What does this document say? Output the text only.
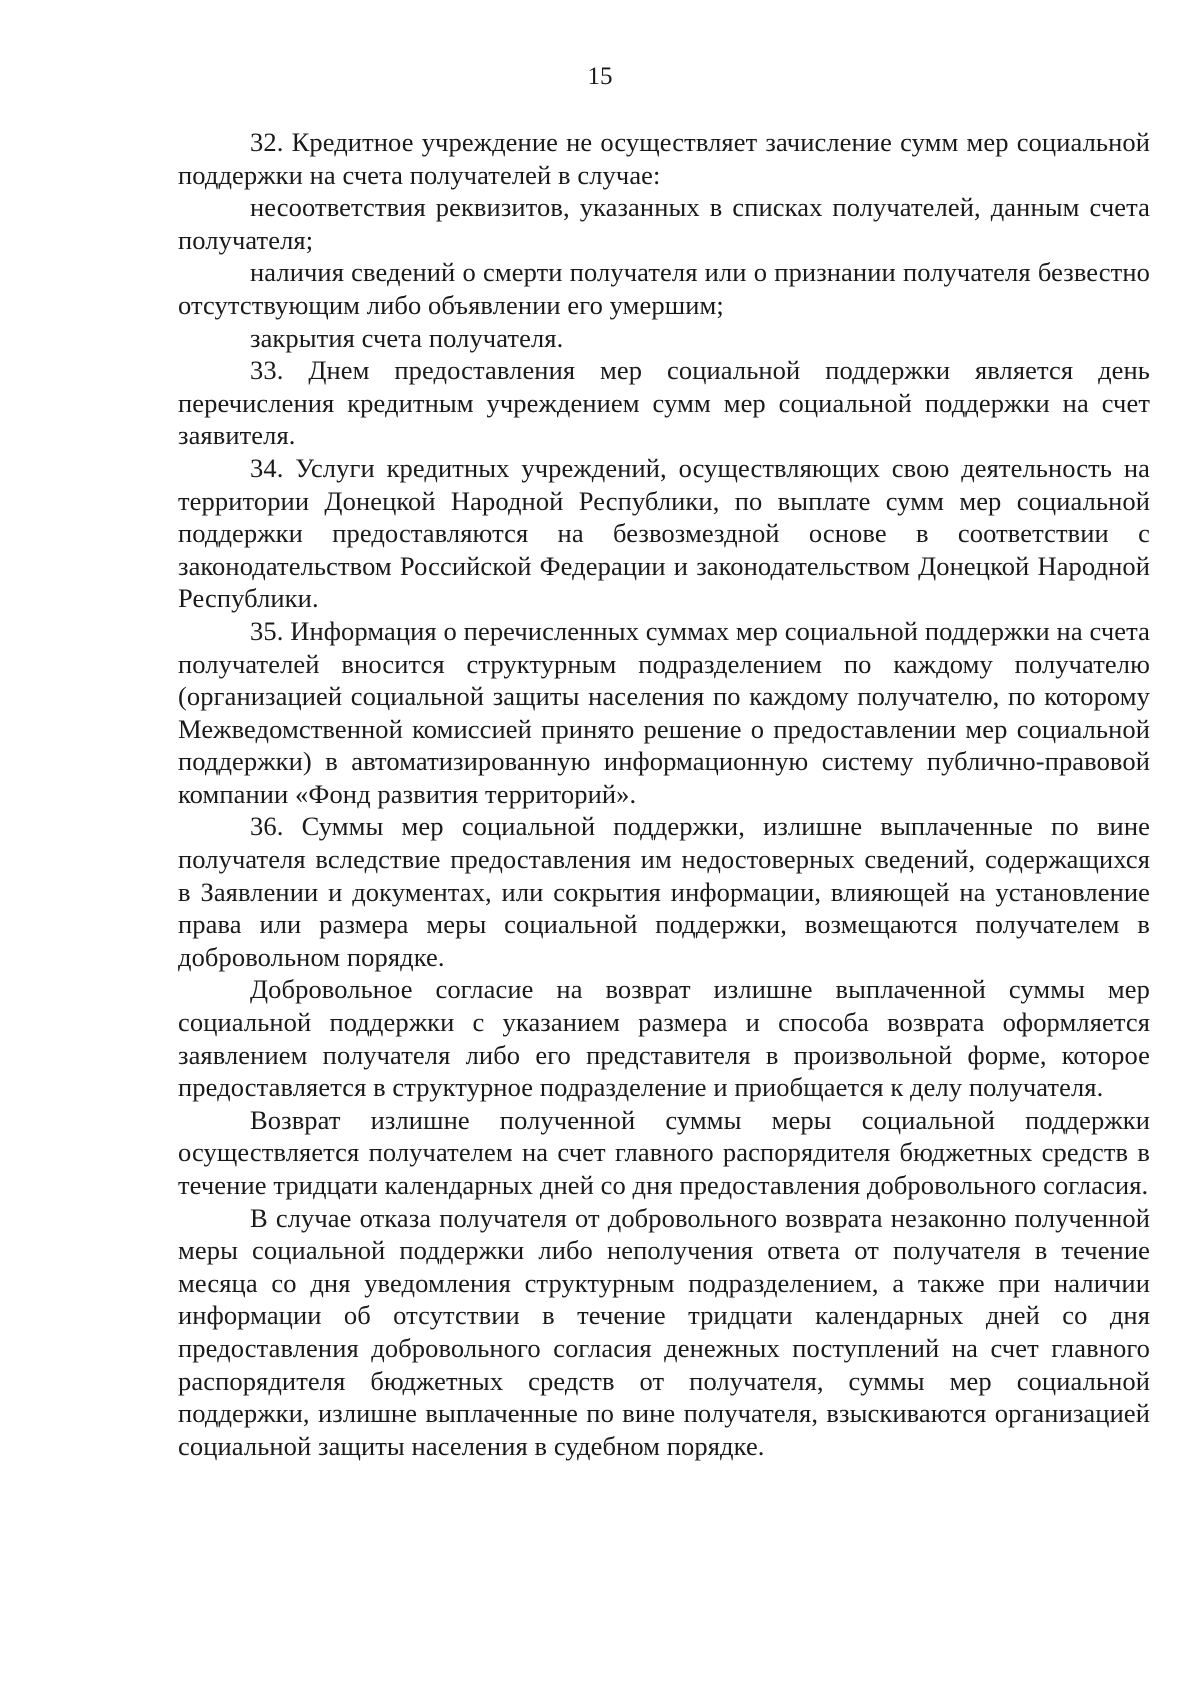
15

32. Кредитное учреждение не осуществляет зачисление сумм мер социальной поддержки на счета получателей в случае:

несоответствия реквизитов, указанных в списках получателей, данным счета получателя;

наличия сведений о смерти получателя или о признании получателя безвестно отсутствующим либо объявлении его умершим;

закрытия счета получателя.

33. Днем предоставления мер социальной поддержки является день перечисления кредитным учреждением сумм мер социальной поддержки на счет заявителя.

34. Услуги кредитных учреждений, осуществляющих свою деятельность на территории Донецкой Народной Республики, по выплате сумм мер социальной поддержки предоставляются на безвозмездной основе в соответствии с законодательством Российской Федерации и законодательством Донецкой Народной Республики.

35. Информация о перечисленных суммах мер социальной поддержки на счета получателей вносится структурным подразделением по каждому получателю (организацией социальной защиты населения по каждому получателю, по которому Межведомственной комиссией принято решение о предоставлении мер социальной поддержки) в автоматизированную информационную систему публично-правовой компании «Фонд развития территорий».

36. Суммы мер социальной поддержки, излишне выплаченные по вине получателя вследствие предоставления им недостоверных сведений, содержащихся в Заявлении и документах, или сокрытия информации, влияющей на установление права или размера меры социальной поддержки, возмещаются получателем в добровольном порядке.

Добровольное согласие на возврат излишне выплаченной суммы мер социальной поддержки с указанием размера и способа возврата оформляется заявлением получателя либо его представителя в произвольной форме, которое предоставляется в структурное подразделение и приобщается к делу получателя.

Возврат излишне полученной суммы меры социальной поддержки осуществляется получателем на счет главного распорядителя бюджетных средств в течение тридцати календарных дней со дня предоставления добровольного согласия.

В случае отказа получателя от добровольного возврата незаконно полученной меры социальной поддержки либо неполучения ответа от получателя в течение месяца со дня уведомления структурным подразделением, а также при наличии информации об отсутствии в течение тридцати календарных дней со дня предоставления добровольного согласия денежных поступлений на счет главного распорядителя бюджетных средств от получателя, суммы мер социальной поддержки, излишне выплаченные по вине получателя, взыскиваются организацией социальной защиты населения в судебном порядке.
